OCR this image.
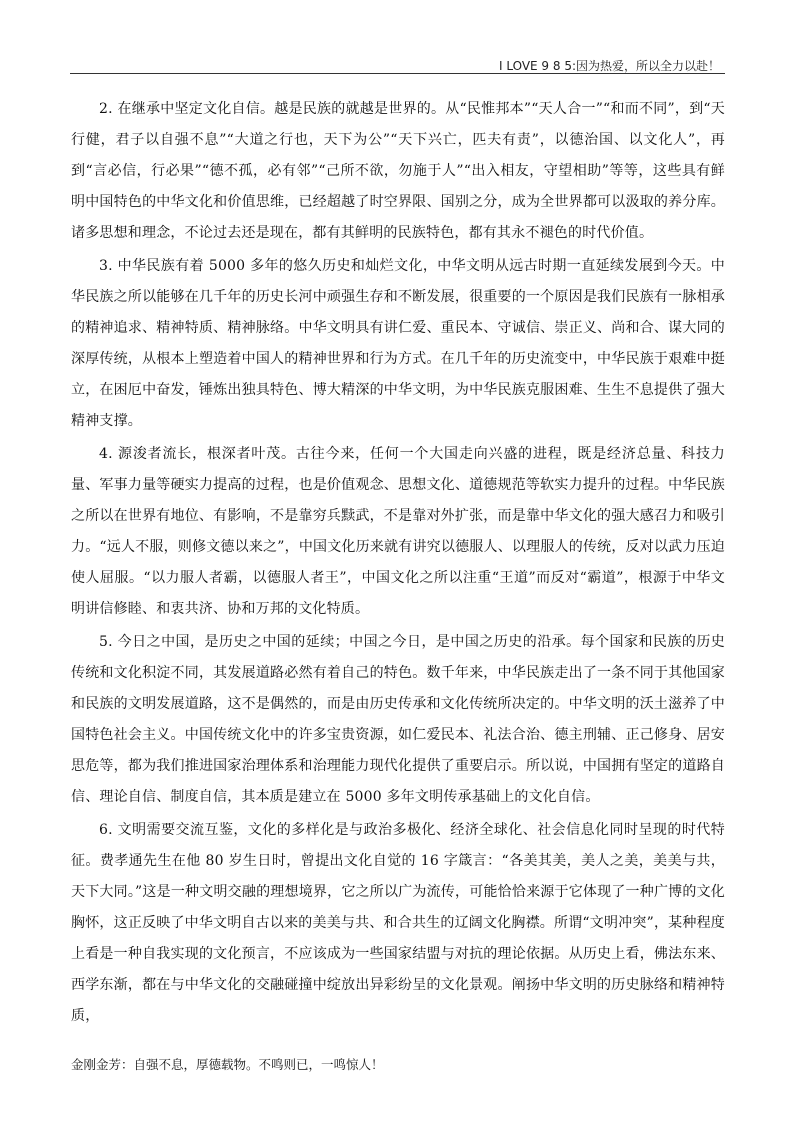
I LOVE 9 8 5:因为热爱，所以全力以赴！

2. 在继承中坚定文化自信。越是民族的就越是世界的。从“民惟邦本”“天人合一”“和而不同”，到“天行健，君子以自强不息”“大道之行也，天下为公”“天下兴亡，匹夫有责”，以德治国、以文化人”，再到“言必信，行必果”“德不孤，必有邻”“己所不欲，勿施于人”“出入相友，守望相助”等等，这些具有鲜明中国特色的中华文化和价值思维，已经超越了时空界限、国别之分，成为全世界都可以汲取的养分库。诸多思想和理念，不论过去还是现在，都有其鲜明的民族特色，都有其永不褪色的时代价值。

3. 中华民族有着 5000 多年的悠久历史和灿烂文化，中华文明从远古时期一直延续发展到今天。中华民族之所以能够在几千年的历史长河中顽强生存和不断发展，很重要的一个原因是我们民族有一脉相承的精神追求、精神特质、精神脉络。中华文明具有讲仁爱、重民本、守诚信、崇正义、尚和合、谋大同的深厚传统，从根本上塑造着中国人的精神世界和行为方式。在几千年的历史流变中，中华民族于艰难中挺立，在困厄中奋发，锤炼出独具特色、博大精深的中华文明，为中华民族克服困难、生生不息提供了强大精神支撑。

4. 源浚者流长，根深者叶茂。古往今来，任何一个大国走向兴盛的进程，既是经济总量、科技力量、军事力量等硬实力提高的过程，也是价值观念、思想文化、道德规范等软实力提升的过程。中华民族之所以在世界有地位、有影响，不是靠穷兵黩武，不是靠对外扩张，而是靠中华文化的强大感召力和吸引力。“远人不服，则修文德以来之”，中国文化历来就有讲究以德服人、以理服人的传统，反对以武力压迫使人屈服。“以力服人者霸，以德服人者王”，中国文化之所以注重“王道”而反对“霸道”，根源于中华文明讲信修睦、和衷共济、协和万邦的文化特质。

5. 今日之中国，是历史之中国的延续；中国之今日，是中国之历史的沿承。每个国家和民族的历史传统和文化积淀不同，其发展道路必然有着自己的特色。数千年来，中华民族走出了一条不同于其他国家和民族的文明发展道路，这不是偶然的，而是由历史传承和文化传统所决定的。中华文明的沃土滋养了中国特色社会主义。中国传统文化中的许多宝贵资源，如仁爱民本、礼法合治、德主刑辅、正己修身、居安思危等，都为我们推进国家治理体系和治理能力现代化提供了重要启示。所以说，中国拥有坚定的道路自信、理论自信、制度自信，其本质是建立在 5000 多年文明传承基础上的文化自信。

6. 文明需要交流互鉴，文化的多样化是与政治多极化、经济全球化、社会信息化同时呈现的时代特征。费孝通先生在他 80 岁生日时，曾提出文化自觉的 16 字箴言：“各美其美，美人之美，美美与共，天下大同。”这是一种文明交融的理想境界，它之所以广为流传，可能恰恰来源于它体现了一种广博的文化胸怀，这正反映了中华文明自古以来的美美与共、和合共生的辽阔文化胸襟。所谓“文明冲突”，某种程度上看是一种自我实现的文化预言，不应该成为一些国家结盟与对抗的理论依据。从历史上看，佛法东来、西学东渐，都在与中华文化的交融碰撞中绽放出异彩纷呈的文化景观。阐扬中华文明的历史脉络和精神特质，

金刚金芳：自强不息，厚德载物。不鸣则已，一鸣惊人！
